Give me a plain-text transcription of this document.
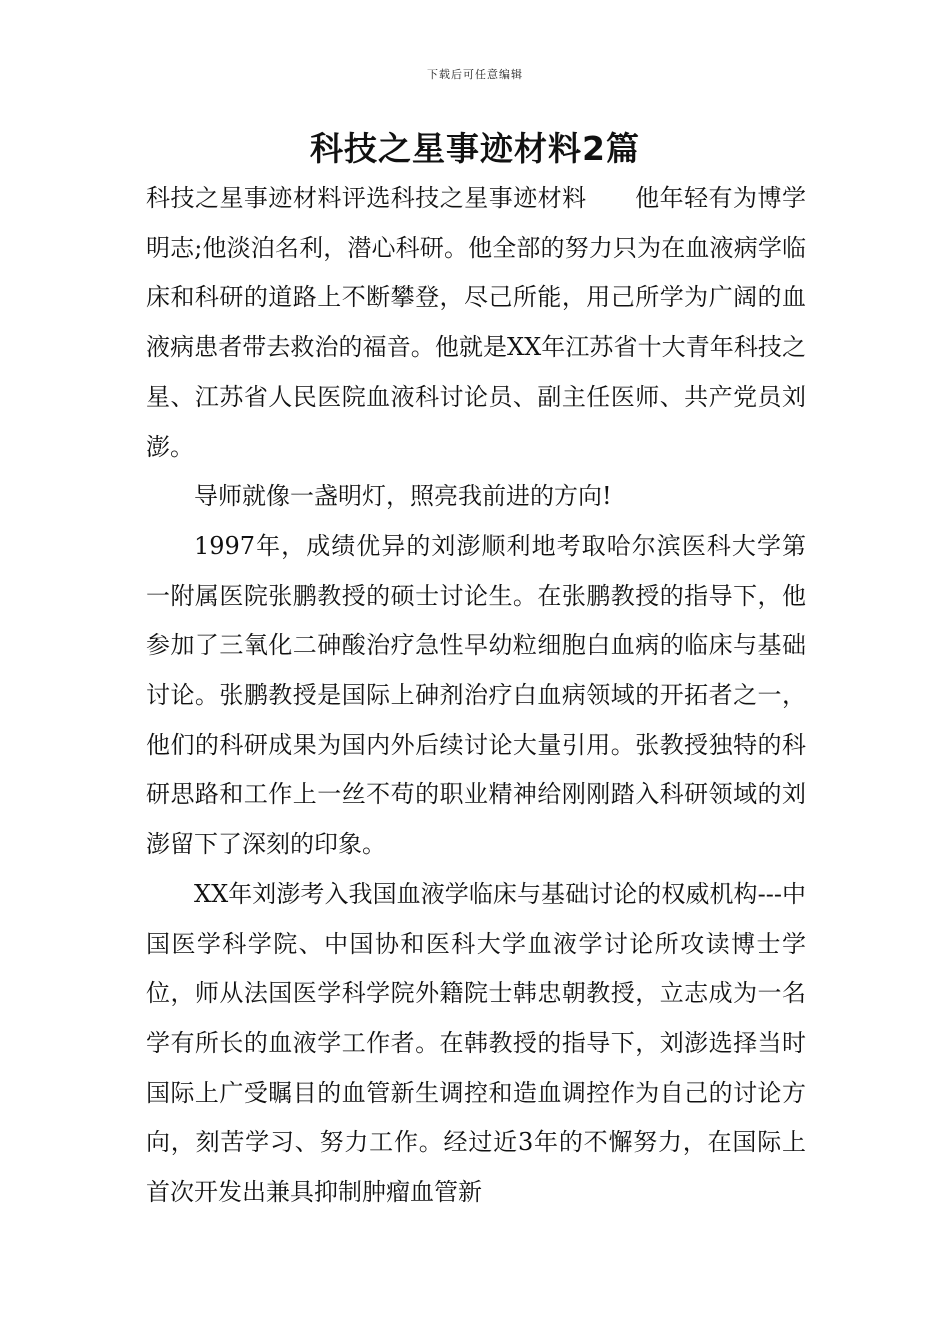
下载后可任意编辑
科技之星事迹材料2篇

科技之星事迹材料评选科技之星事迹材料 他年轻有为博学明志;他淡泊名利，潜心科研。他全部的努力只为在血液病学临床和科研的道路上不断攀登，尽己所能，用己所学为广阔的血液病患者带去救治的福音。他就是XX年江苏省十大青年科技之星、江苏省人民医院血液科讨论员、副主任医师、共产党员刘澎。

导师就像一盏明灯，照亮我前进的方向!

1997年，成绩优异的刘澎顺利地考取哈尔滨医科大学第一附属医院张鹏教授的硕士讨论生。在张鹏教授的指导下，他参加了三氧化二砷酸治疗急性早幼粒细胞白血病的临床与基础讨论。张鹏教授是国际上砷剂治疗白血病领域的开拓者之一，他们的科研成果为国内外后续讨论大量引用。张教授独特的科研思路和工作上一丝不苟的职业精神给刚刚踏入科研领域的刘澎留下了深刻的印象。

XX年刘澎考入我国血液学临床与基础讨论的权威机构---中国医学科学院、中国协和医科大学血液学讨论所攻读博士学位，师从法国医学科学院外籍院士韩忠朝教授，立志成为一名学有所长的血液学工作者。在韩教授的指导下，刘澎选择当时国际上广受瞩目的血管新生调控和造血调控作为自己的讨论方向，刻苦学习、努力工作。经过近3年的不懈努力，在国际上首次开发出兼具抑制肿瘤血管新
